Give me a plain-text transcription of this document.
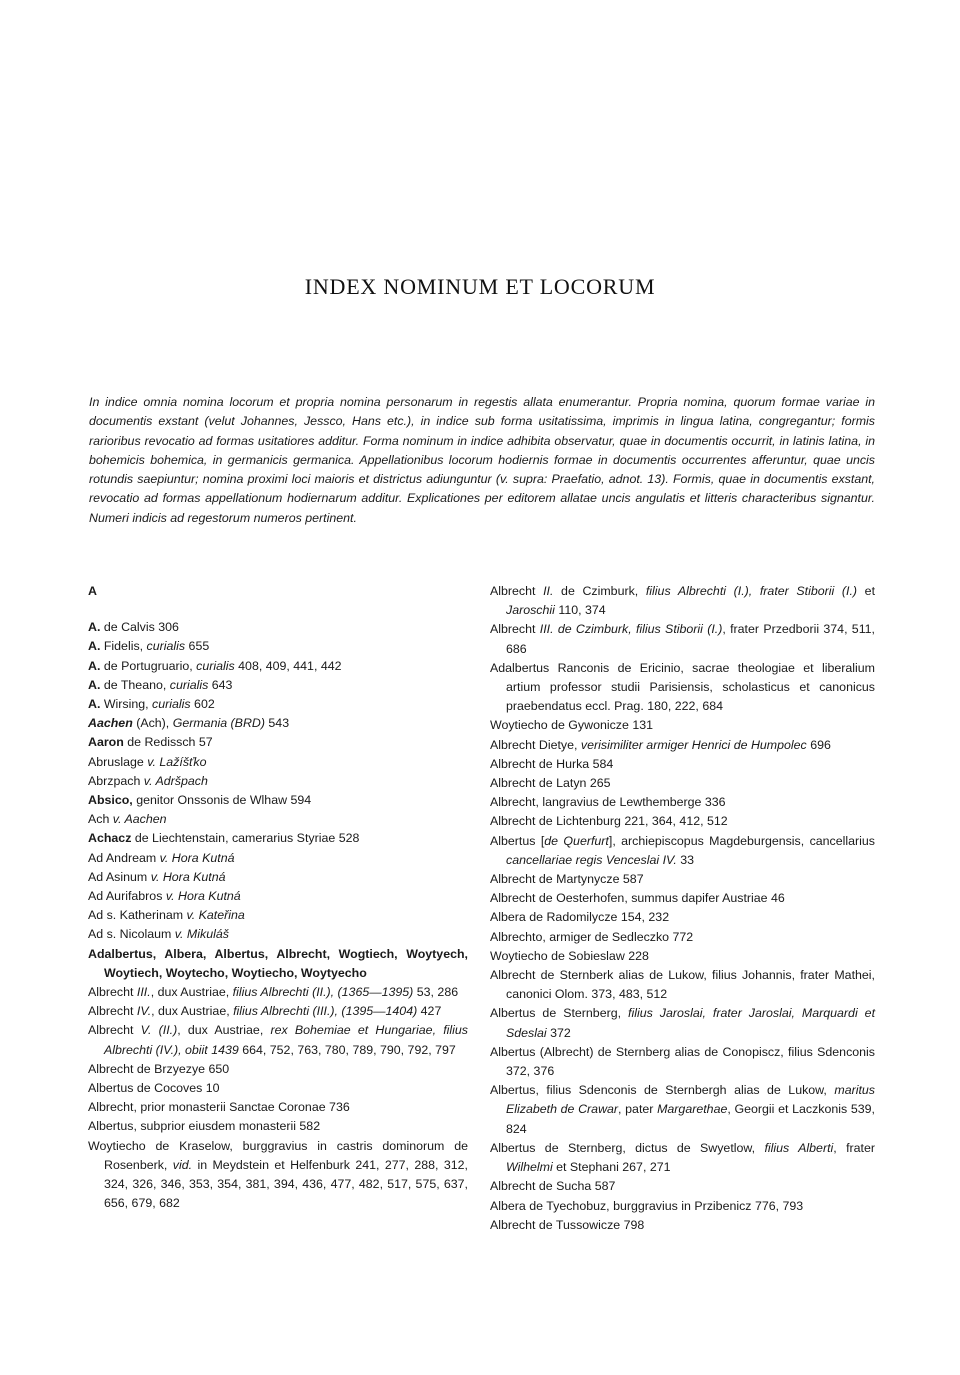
INDEX NOMINUM ET LOCORUM
In indice omnia nomina locorum et propria nomina personarum in regestis allata enumerantur. Propria nomina, quorum formae variae in documentis exstant (velut Johannes, Jessco, Hans etc.), in indice sub forma usitatissima, imprimis in lingua latina, congregantur; formis rarioribus revocatio ad formas usitatiores additur. Forma nominum in indice adhibita observatur, quae in documentis occurrit, in latinis latina, in bohemicis bohemica, in germanicis germanica. Appellationibus locorum hodiernis formae in documentis occurrentes afferuntur, quae uncis rotundis saepiuntur; nomina proximi loci maioris et districtus adiunguntur (v. supra: Praefatio, adnot. 13). Formis, quae in documentis exstant, revocatio ad formas appellationum hodiernarum additur. Explicationes per editorem allatae uncis angulatis et litteris characteribus signantur. Numeri indicis ad regestorum numeros pertinent.
A

A. de Calvis 306

A. Fidelis, curialis 655

A. de Portugruario, curialis 408, 409, 441, 442

A. de Theano, curialis 643

A. Wirsing, curialis 602

Aachen (Ach), Germania (BRD) 543

Aaron de Redissch 57

Abruslage v. Lažíšťko

Abrzpach v. Adršpach

Absico, genitor Onssonis de Wlhaw 594

Ach v. Aachen

Achacz de Liechtenstain, camerarius Styriae 528

Ad Andream v. Hora Kutná

Ad Asinum v. Hora Kutná

Ad Aurifabros v. Hora Kutná

Ad s. Katherinam v. Kateřina

Ad s. Nicolaum v. Mikuláš

Adalbertus, Albera, Albertus, Albrecht, Wogtiech, Woytyech, Woytiech, Woytecho, Woytiecho, Woytyecho

Albrecht III., dux Austriae, filius Albrechti (II.), (1365—1395) 53, 286

Albrecht IV., dux Austriae, filius Albrechti (III.), (1395—1404) 427

Albrecht V. (II.), dux Austriae, rex Bohemiae et Hungariae, filius Albrechti (IV.), obiit 1439 664, 752, 763, 780, 789, 790, 792, 797

Albrecht de Brzyezye 650

Albertus de Cocoves 10

Albrecht, prior monasterii Sanctae Coronae 736

Albertus, subprior eiusdem monasterii 582

Woytiecho de Kraselow, burggravius in castris dominorum de Rosenberk, vid. in Meydstein et Helfenburk 241, 277, 288, 312, 324, 326, 346, 353, 354, 381, 394, 436, 477, 482, 517, 575, 637, 656, 679, 682

Albrecht II. de Czimburk, filius Albrechti (I.), frater Stiborii (I.) et Jaroschii 110, 374

Albrecht III. de Czimburk, filius Stiborii (I.), frater Przedborii 374, 511, 686

Adalbertus Ranconis de Ericinio, sacrae theologiae et liberalium artium professor studii Parisiensis, scholasticus et canonicus praebendatus eccl. Prag. 180, 222, 684

Woytiecho de Gywonicze 131

Albrecht Dietye, verisimiliter armiger Henrici de Humpolec 696

Albrecht de Hurka 584

Albrecht de Latyn 265

Albrecht, langravius de Lewthemberge 336

Albrecht de Lichtenburg 221, 364, 412, 512

Albertus [de Querfurt], archiepiscopus Magdeburgensis, cancellarius cancellariae regis Venceslai IV. 33

Albrecht de Martynycze 587

Albrecht de Oesterhofen, summus dapifer Austriae 46

Albera de Radomilycze 154, 232

Albrechto, armiger de Sedleczko 772

Woytiecho de Sobieslaw 228

Albrecht de Sternberk alias de Lukow, filius Johannis, frater Mathei, canonici Olom. 373, 483, 512

Albertus de Sternberg, filius Jaroslai, frater Jaroslai, Marquardi et Sdeslai 372

Albertus (Albrecht) de Sternberg alias de Conopiscz, filius Sdenconis 372, 376

Albertus, filius Sdenconis de Sternbergh alias de Lukow, maritus Elizabeth de Crawar, pater Margarethae, Georgii et Laczkonis 539, 824

Albertus de Sternberg, dictus de Swyetlow, filius Alberti, frater Wilhelmi et Stephani 267, 271

Albrecht de Sucha 587

Albera de Tyechobuz, burggravius in Przibenicz 776, 793

Albrecht de Tussowicze 798
